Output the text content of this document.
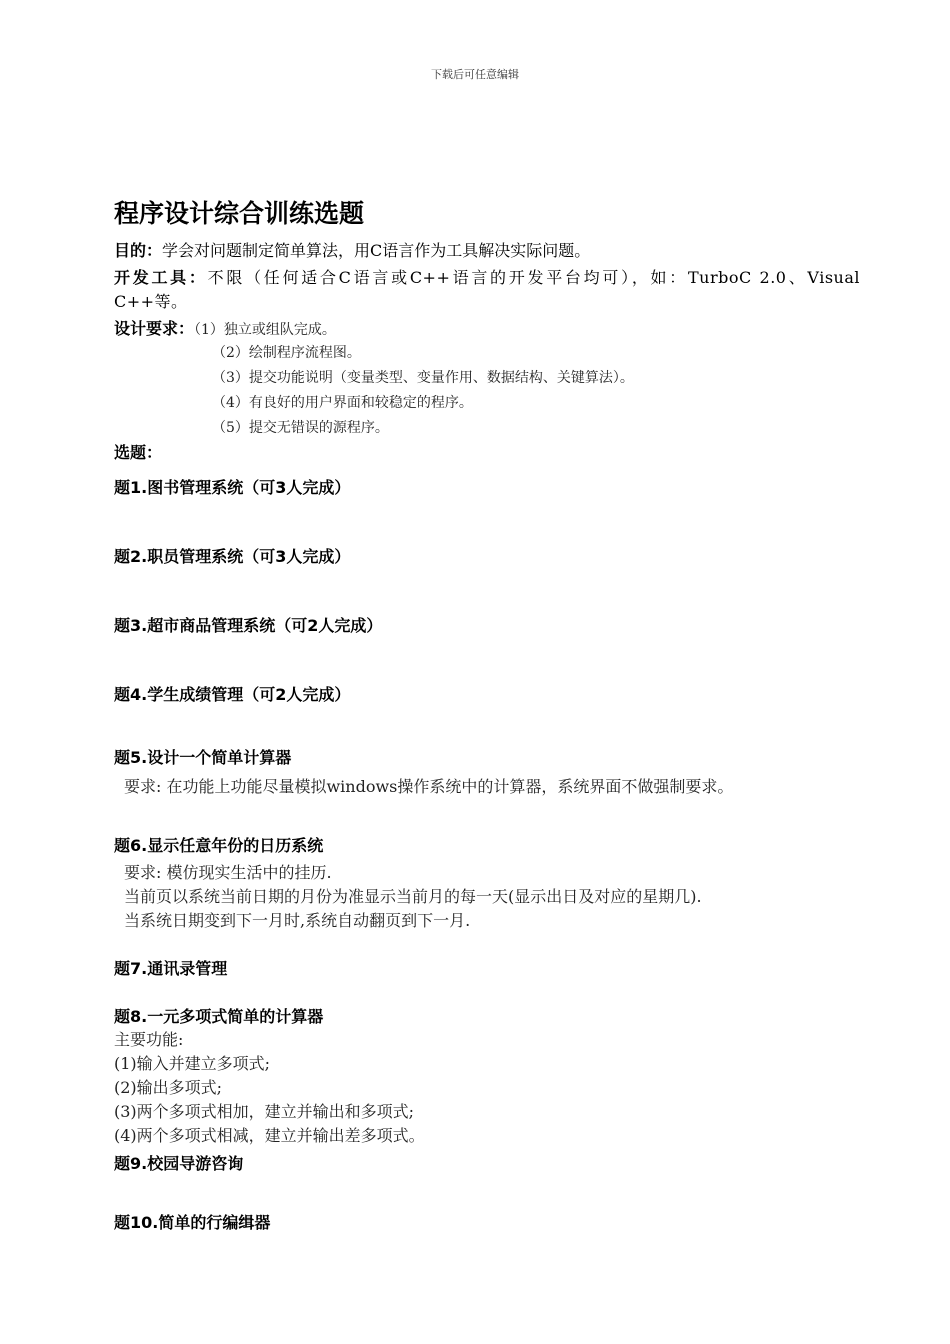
下载后可任意编辑
程序设计综合训练选题
目的：学会对问题制定简单算法，用C语言作为工具解决实际问题。
开发工具：不限（任何适合C语言或C++语言的开发平台均可），如：TurboC 2.0、Visual C++等。
设计要求：（1）独立或组队完成。
（2）绘制程序流程图。
（3）提交功能说明（变量类型、变量作用、数据结构、关键算法）。
（4）有良好的用户界面和较稳定的程序。
（5）提交无错误的源程序。
选题：
题1.图书管理系统（可3人完成）
题2.职员管理系统（可3人完成）
题3.超市商品管理系统（可2人完成）
题4.学生成绩管理（可2人完成）
题5.设计一个简单计算器
要求: 在功能上功能尽量模拟windows操作系统中的计算器，系统界面不做强制要求。
题6.显示任意年份的日历系统
要求: 模仿现实生活中的挂历.
当前页以系统当前日期的月份为准显示当前月的每一天(显示出日及对应的星期几).
当系统日期变到下一月时,系统自动翻页到下一月.
题7.通讯录管理
题8.一元多项式简单的计算器
主要功能:
(1)输入并建立多项式;
(2)输出多项式;
(3)两个多项式相加，建立并输出和多项式;
(4)两个多项式相减，建立并输出差多项式。
题9.校园导游咨询
题10.简单的行编缉器
